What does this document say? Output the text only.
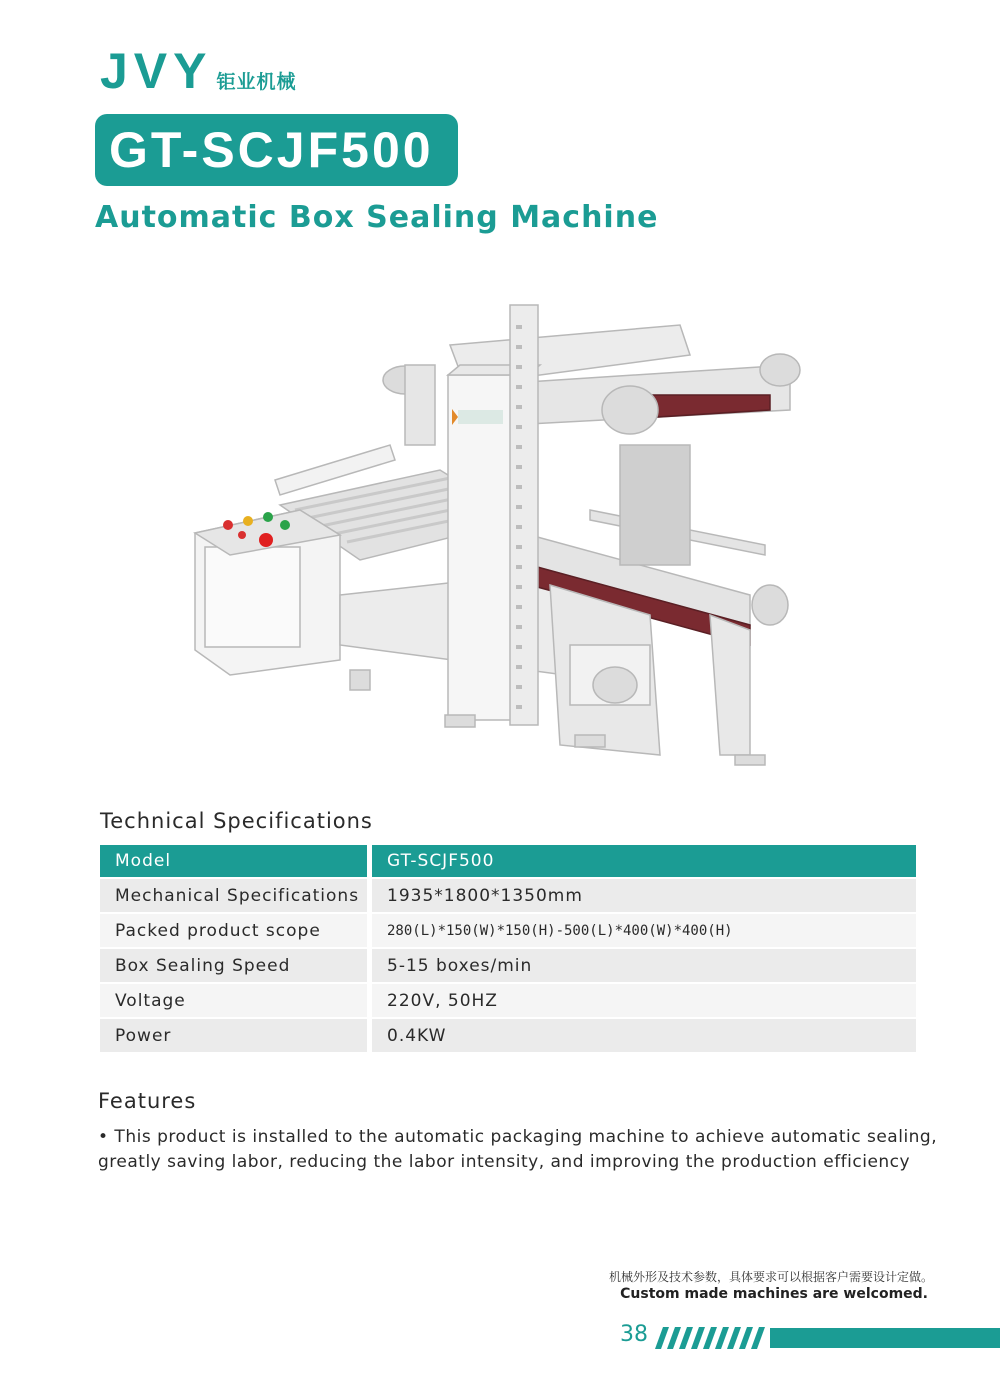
JVY 钜业机械
GT-SCJF500
Automatic Box Sealing Machine
Technical Specifications
Model	GT-SCJF500
Mechanical Specifications	1935*1800*1350mm
Packed product scope	280(L)*150(W)*150(H)-500(L)*400(W)*400(H)
Box Sealing Speed	5-15 boxes/min
Voltage	220V, 50HZ
Power	0.4KW
Features
• This product is installed to the automatic packaging machine to achieve automatic sealing, greatly saving labor, reducing the labor intensity, and improving the production efficiency
机械外形及技术参数，具体要求可以根据客户需要设计定做。
Custom made machines are welcomed.
38
